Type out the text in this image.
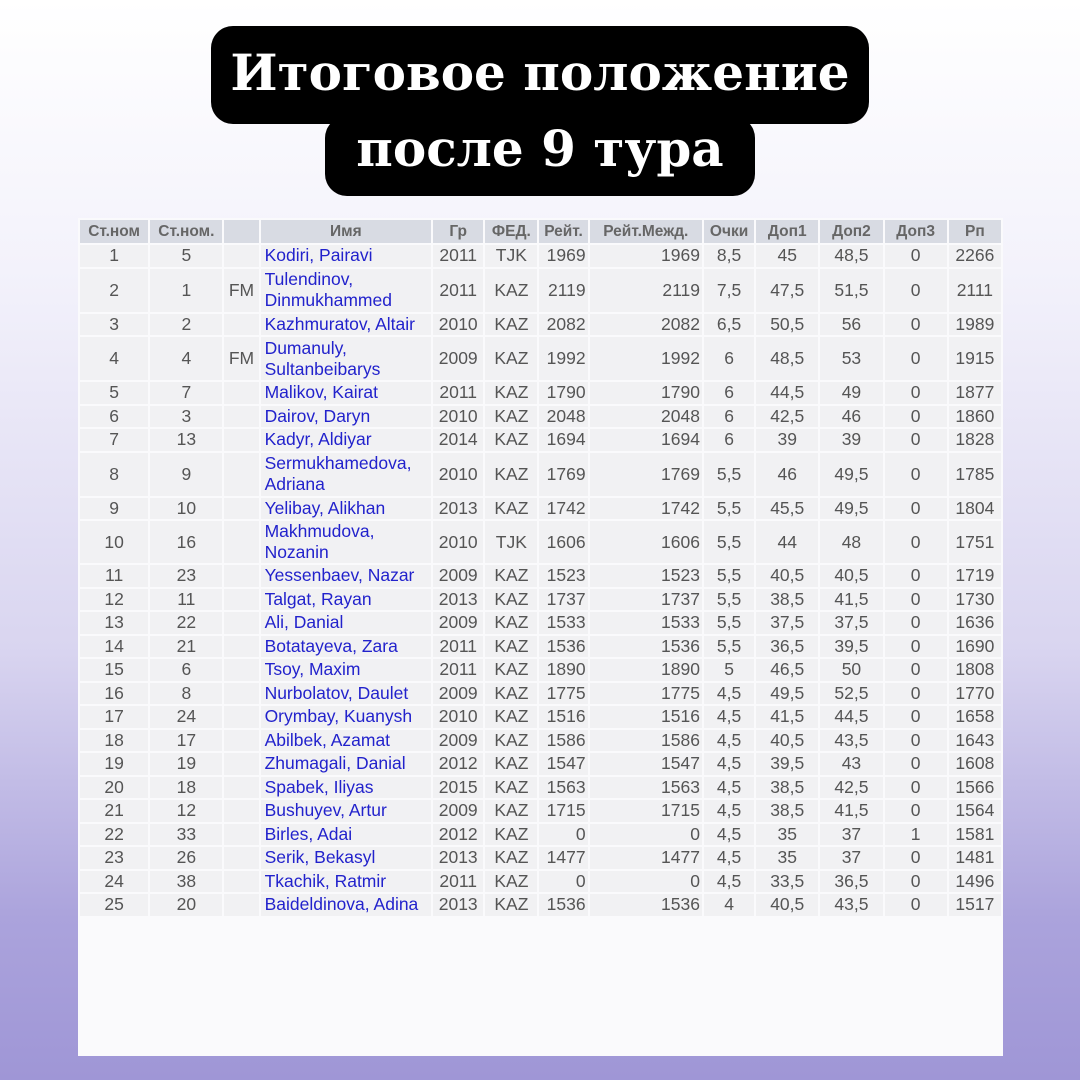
Итоговое положение
после 9 тура
Ст.ном	Ст.ном.		Имя	Гр	ФЕД.	Рейт.	Рейт.Межд.	Очки	Доп1	Доп2	Доп3	Рп
1	5		Kodiri, Pairavi	2011	TJK	1969	1969	8,5	45	48,5	0	2266
2	1	FM	Tulendinov, Dinmukhammed	2011	KAZ	2119	2119	7,5	47,5	51,5	0	2111
3	2		Kazhmuratov, Altair	2010	KAZ	2082	2082	6,5	50,5	56	0	1989
4	4	FM	Dumanuly, Sultanbeibarys	2009	KAZ	1992	1992	6	48,5	53	0	1915
5	7		Malikov, Kairat	2011	KAZ	1790	1790	6	44,5	49	0	1877
6	3		Dairov, Daryn	2010	KAZ	2048	2048	6	42,5	46	0	1860
7	13		Kadyr, Aldiyar	2014	KAZ	1694	1694	6	39	39	0	1828
8	9		Sermukhamedova, Adriana	2010	KAZ	1769	1769	5,5	46	49,5	0	1785
9	10		Yelibay, Alikhan	2013	KAZ	1742	1742	5,5	45,5	49,5	0	1804
10	16		Makhmudova, Nozanin	2010	TJK	1606	1606	5,5	44	48	0	1751
11	23		Yessenbaev, Nazar	2009	KAZ	1523	1523	5,5	40,5	40,5	0	1719
12	11		Talgat, Rayan	2013	KAZ	1737	1737	5,5	38,5	41,5	0	1730
13	22		Ali, Danial	2009	KAZ	1533	1533	5,5	37,5	37,5	0	1636
14	21		Botatayeva, Zara	2011	KAZ	1536	1536	5,5	36,5	39,5	0	1690
15	6		Tsoy, Maxim	2011	KAZ	1890	1890	5	46,5	50	0	1808
16	8		Nurbolatov, Daulet	2009	KAZ	1775	1775	4,5	49,5	52,5	0	1770
17	24		Orymbay, Kuanysh	2010	KAZ	1516	1516	4,5	41,5	44,5	0	1658
18	17		Abilbek, Azamat	2009	KAZ	1586	1586	4,5	40,5	43,5	0	1643
19	19		Zhumagali, Danial	2012	KAZ	1547	1547	4,5	39,5	43	0	1608
20	18		Spabek, Iliyas	2015	KAZ	1563	1563	4,5	38,5	42,5	0	1566
21	12		Bushuyev, Artur	2009	KAZ	1715	1715	4,5	38,5	41,5	0	1564
22	33		Birles, Adai	2012	KAZ	0	0	4,5	35	37	1	1581
23	26		Serik, Bekasyl	2013	KAZ	1477	1477	4,5	35	37	0	1481
24	38		Tkachik, Ratmir	2011	KAZ	0	0	4,5	33,5	36,5	0	1496
25	20		Baideldinova, Adina	2013	KAZ	1536	1536	4	40,5	43,5	0	1517
